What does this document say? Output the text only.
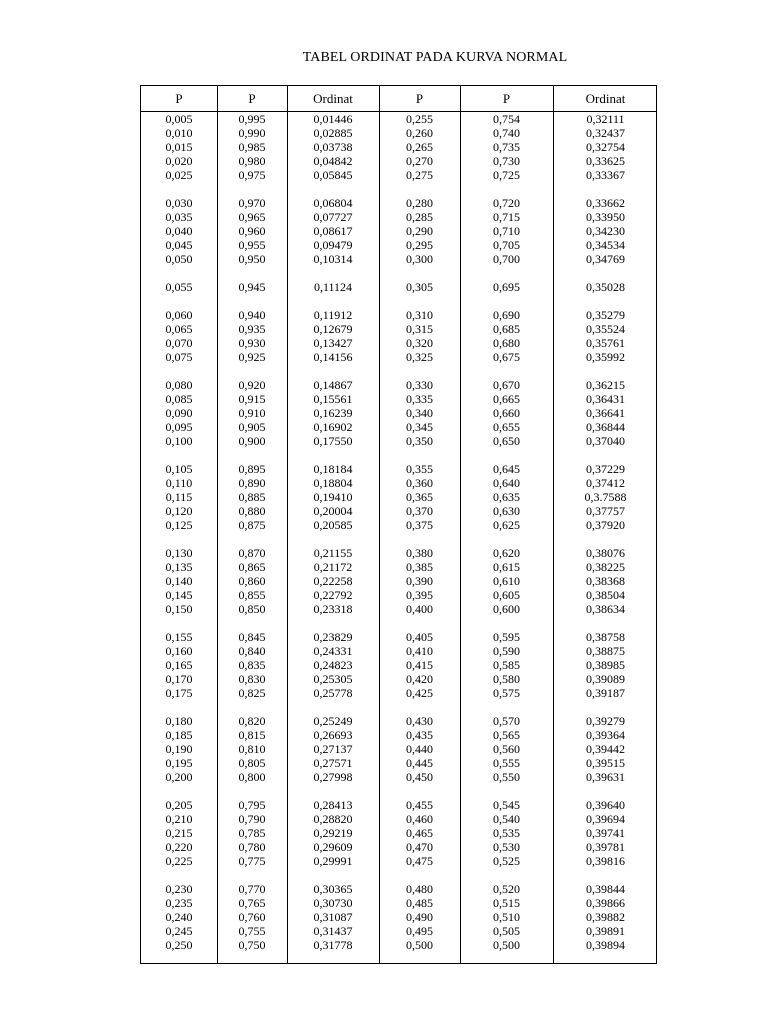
TABEL ORDINAT PADA KURVA NORMAL
P	P	Ordinat	P	P	Ordinat
0,005	0,995	0,01446	0,255	0,754	0,32111
0,010	0,990	0,02885	0,260	0,740	0,32437
0,015	0,985	0,03738	0,265	0,735	0,32754
0,020	0,980	0,04842	0,270	0,730	0,33625
0,025	0,975	0,05845	0,275	0,725	0,33367
0,030	0,970	0,06804	0,280	0,720	0,33662
0,035	0,965	0,07727	0,285	0,715	0,33950
0,040	0,960	0,08617	0,290	0,710	0,34230
0,045	0,955	0,09479	0,295	0,705	0,34534
0,050	0,950	0,10314	0,300	0,700	0,34769
0,055	0,945	0,11124	0,305	0,695	0,35028
0,060	0,940	0,11912	0,310	0,690	0,35279
0,065	0,935	0,12679	0,315	0,685	0,35524
0,070	0,930	0,13427	0,320	0,680	0,35761
0,075	0,925	0,14156	0,325	0,675	0,35992
0,080	0,920	0,14867	0,330	0,670	0,36215
0,085	0,915	0,15561	0,335	0,665	0,36431
0,090	0,910	0,16239	0,340	0,660	0,36641
0,095	0,905	0,16902	0,345	0,655	0,36844
0,100	0,900	0,17550	0,350	0,650	0,37040
0,105	0,895	0,18184	0,355	0,645	0,37229
0,110	0,890	0,18804	0,360	0,640	0,37412
0,115	0,885	0,19410	0,365	0,635	0,3.7588
0,120	0,880	0,20004	0,370	0,630	0,37757
0,125	0,875	0,20585	0,375	0,625	0,37920
0,130	0,870	0,21155	0,380	0,620	0,38076
0,135	0,865	0,21172	0,385	0,615	0,38225
0,140	0,860	0,22258	0,390	0,610	0,38368
0,145	0,855	0,22792	0,395	0,605	0,38504
0,150	0,850	0,23318	0,400	0,600	0,38634
0,155	0,845	0,23829	0,405	0,595	0,38758
0,160	0,840	0,24331	0,410	0,590	0,38875
0,165	0,835	0,24823	0,415	0,585	0,38985
0,170	0,830	0,25305	0,420	0,580	0,39089
0,175	0,825	0,25778	0,425	0,575	0,39187
0,180	0,820	0,25249	0,430	0,570	0,39279
0,185	0,815	0,26693	0,435	0,565	0,39364
0,190	0,810	0,27137	0,440	0,560	0,39442
0,195	0,805	0,27571	0,445	0,555	0,39515
0,200	0,800	0,27998	0,450	0,550	0,39631
0,205	0,795	0,28413	0,455	0,545	0,39640
0,210	0,790	0,28820	0,460	0,540	0,39694
0,215	0,785	0,29219	0,465	0,535	0,39741
0,220	0,780	0,29609	0,470	0,530	0,39781
0,225	0,775	0,29991	0,475	0,525	0,39816
0,230	0,770	0,30365	0,480	0,520	0,39844
0,235	0,765	0,30730	0,485	0,515	0,39866
0,240	0,760	0,31087	0,490	0,510	0,39882
0,245	0,755	0,31437	0,495	0,505	0,39891
0,250	0,750	0,31778	0,500	0,500	0,39894
